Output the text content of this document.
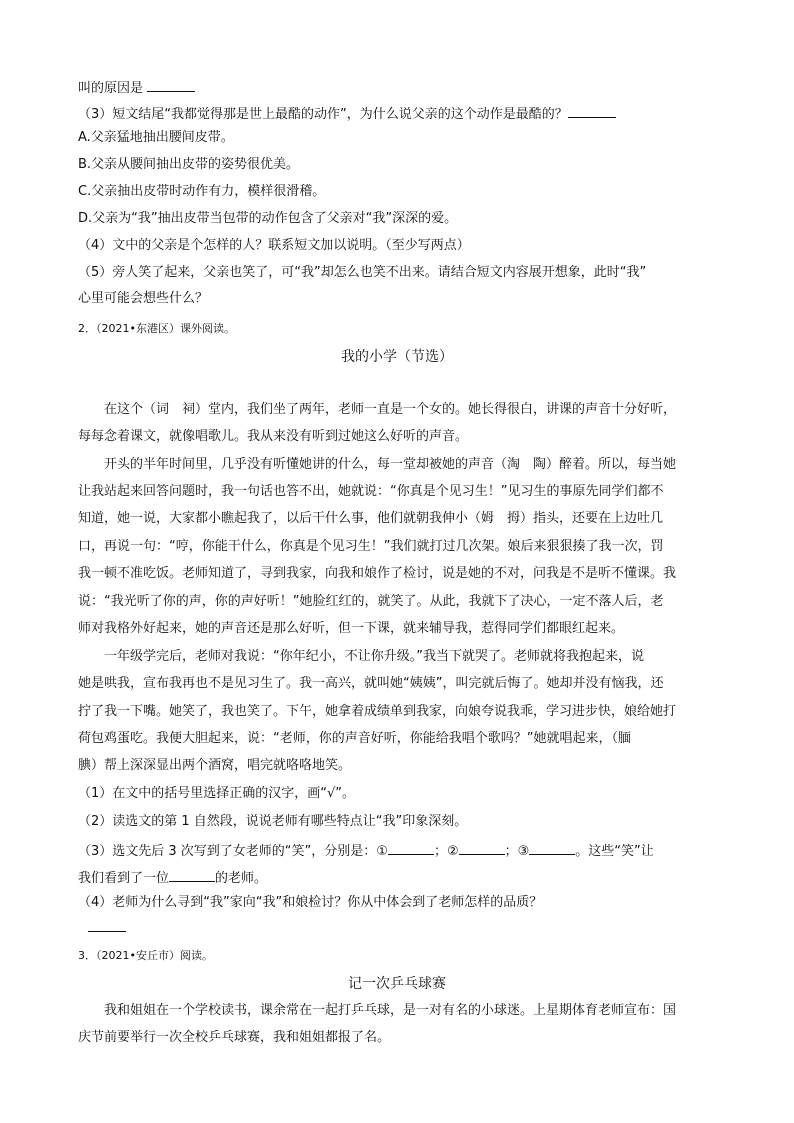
叫的原因是
（3）短文结尾“我都觉得那是世上最酷的动作”，为什么说父亲的这个动作是最酷的？
A.父亲猛地抽出腰间皮带。
B.父亲从腰间抽出皮带的姿势很优美。
C.父亲抽出皮带时动作有力，模样很滑稽。
D.父亲为“我”抽出皮带当包带的动作包含了父亲对“我”深深的爱。
（4）文中的父亲是个怎样的人？联系短文加以说明。（至少写两点）
（5）旁人笑了起来，父亲也笑了，可“我”却怎么也笑不出来。请结合短文内容展开想象，此时“我”
心里可能会想些什么？
2．（2021•东港区）课外阅读。
我的小学（节选）
在这个（词　祠）堂内，我们坐了两年，老师一直是一个女的。她长得很白，讲课的声音十分好听，
每每念着课文，就像唱歌儿。我从来没有听到过她这么好听的声音。
开头的半年时间里，几乎没有听懂她讲的什么，每一堂却被她的声音（淘　陶）醉着。所以，每当她
让我站起来回答问题时，我一句话也答不出，她就说：“你真是个见习生！”见习生的事原先同学们都不
知道，她一说，大家都小瞧起我了，以后干什么事，他们就朝我伸小（姆　拇）指头，还要在上边吐几
口，再说一句：“哼，你能干什么，你真是个见习生！”我们就打过几次架。娘后来狠狠揍了我一次，罚
我一顿不准吃饭。老师知道了，寻到我家，向我和娘作了检讨，说是她的不对，问我是不是听不懂课。我
说：“我光听了你的声，你的声好听！”她脸红红的，就笑了。从此，我就下了决心，一定不落人后，老
师对我格外好起来，她的声音还是那么好听，但一下课，就来辅导我，惹得同学们都眼红起来。
一年级学完后，老师对我说：“你年纪小，不让你升级。”我当下就哭了。老师就将我抱起来，说
她是哄我，宣布我再也不是见习生了。我一高兴，就叫她“姨姨”，叫完就后悔了。她却并没有恼我，还
拧了我一下嘴。她笑了，我也笑了。下午，她拿着成绩单到我家，向娘夸说我乖，学习进步快，娘给她打
荷包鸡蛋吃。我便大胆起来，说：“老师，你的声音好听，你能给我唱个歌吗？”她就唱起来，（腼
腆）帮上深深显出两个酒窝，唱完就咯咯地笑。
（1）在文中的括号里选择正确的汉字，画“√”。
（2）读选文的第 1 自然段，说说老师有哪些特点让“我”印象深刻。
（3）选文先后 3 次写到了女老师的“笑”，分别是：①	；②	；③	。这些“笑”让
我们看到了一位	的老师。
（4）老师为什么寻到“我”家向“我”和娘检讨？你从中体会到了老师怎样的品质？
3．（2021•安丘市）阅读。
记一次乒乓球赛
我和姐姐在一个学校读书，课余常在一起打乒乓球，是一对有名的小球迷。上星期体育老师宣布：国
庆节前要举行一次全校乒乓球赛，我和姐姐都报了名。
